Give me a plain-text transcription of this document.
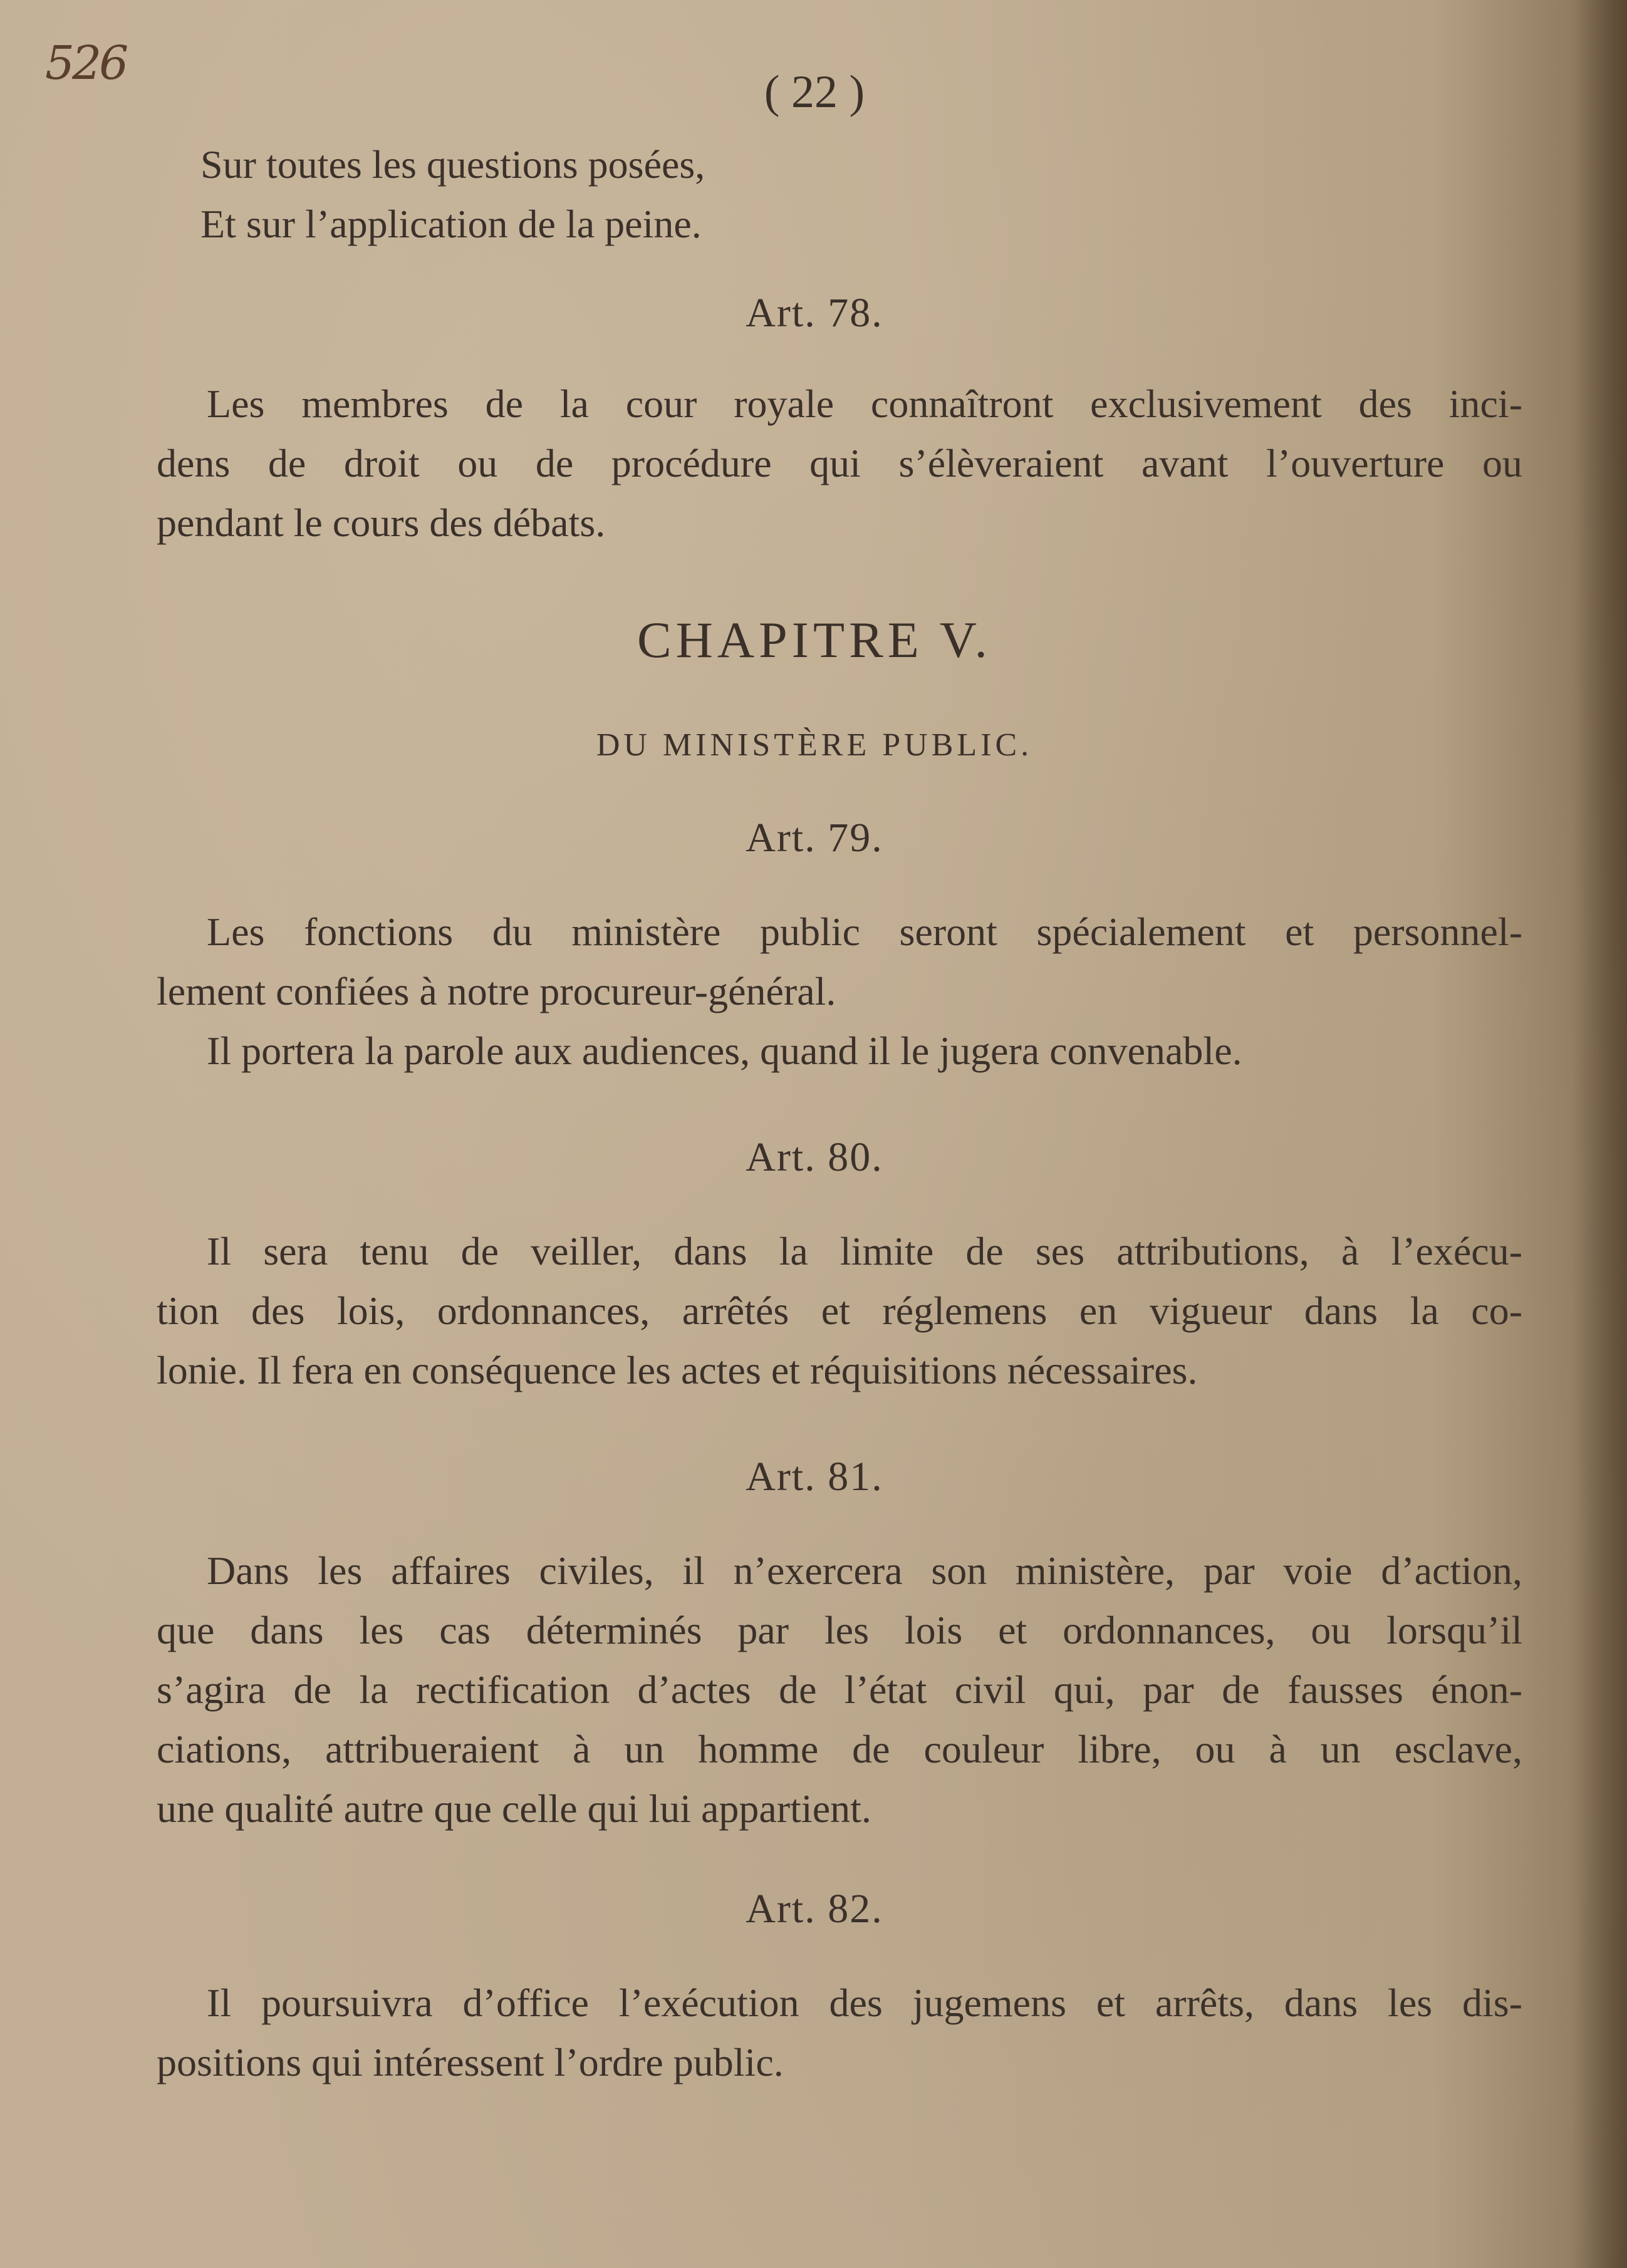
526
( 22 )
Sur toutes les questions posées,
Et sur l’application de la peine.
Art. 78.
Les membres de la cour royale connaîtront exclusivement des inci-
dens de droit ou de procédure qui s’élèveraient avant l’ouverture ou
pendant le cours des débats.
CHAPITRE V.
DU MINISTÈRE PUBLIC.
Art. 79.
Les fonctions du ministère public seront spécialement et personnel-
lement confiées à notre procureur-général.
Il portera la parole aux audiences, quand il le jugera convenable.
Art. 80.
Il sera tenu de veiller, dans la limite de ses attributions, à l’exécu-
tion des lois, ordonnances, arrêtés et réglemens en vigueur dans la co-
lonie. Il fera en conséquence les actes et réquisitions nécessaires.
Art. 81.
Dans les affaires civiles, il n’exercera son ministère, par voie d’action,
que dans les cas déterminés par les lois et ordonnances, ou lorsqu’il
s’agira de la rectification d’actes de l’état civil qui, par de fausses énon-
ciations, attribueraient à un homme de couleur libre, ou à un esclave,
une qualité autre que celle qui lui appartient.
Art. 82.
Il poursuivra d’office l’exécution des jugemens et arrêts, dans les dis-
positions qui intéressent l’ordre public.
